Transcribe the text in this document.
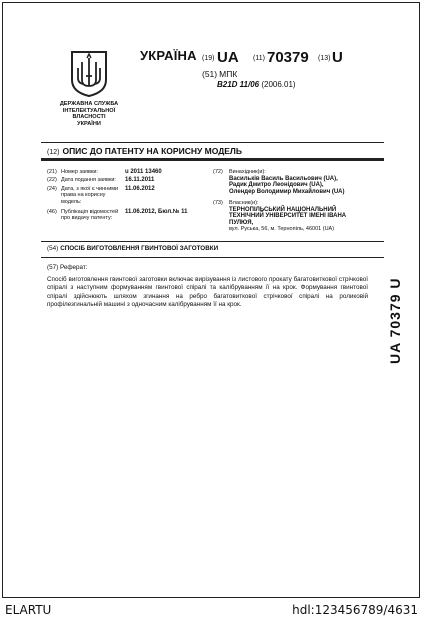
ДЕРЖАВНА СЛУЖБА
ІНТЕЛЕКТУАЛЬНОЇ
ВЛАСНОСТІ
УКРАЇНИ
УКРАЇНА (19) UA (11) 70379 (13) U
(51) МПК
B21D 11/06 (2006.01)
(12) ОПИС ДО ПАТЕНТУ НА КОРИСНУ МОДЕЛЬ
(21) Номер заявки:	u 2011 13460
(22) Дата подання заявки:	16.11.2011
(24) Дата, з якої є чинними
права на корисну
модель:
11.06.2012
(46) Публікація відомостей
про видачу патенту:
11.06.2012, Бюл.№ 11
(72) Винахідник(и):
Васильків Василь Васильович (UA),
Радик Дмитро Леонідович (UA),
Олендер Володимир Михайлович (UA)
(73) Власник(и):
ТЕРНОПІЛЬСЬКИЙ НАЦІОНАЛЬНИЙ
ТЕХНІЧНИЙ УНІВЕРСИТЕТ ІМЕНІ ІВАНА
ПУЛЮЯ,
вул. Руська, 56, м. Тернопіль, 46001 (UA)
(54) СПОСІБ ВИГОТОВЛЕННЯ ГВИНТОВОЇ ЗАГОТОВКИ
(57) Реферат:
Спосіб виготовлення гвинтової заготовки включає вирізування із листового прокату багатовиткової стрічкової спіралі з наступним формуванням гвинтової спіралі та калібруванням її на крок. Формування гвинтової спіралі здійснюють шляхом згинання на ребро багатовиткової стрічкової спіралі на роликовій профілезгинальній машині з одночасним калібруванням її на крок.	UA 70379 U
ELARTU	hdl:123456789/4631
